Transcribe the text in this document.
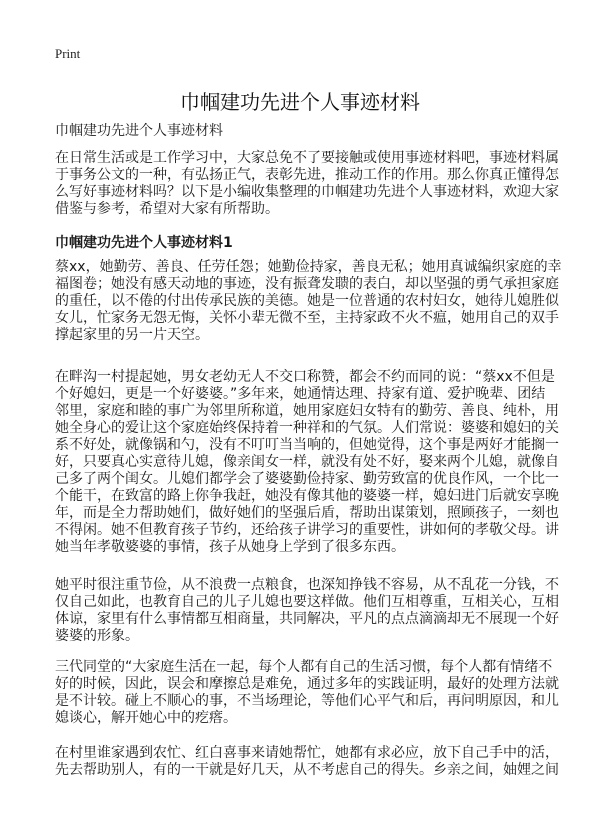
Print
巾帼建功先进个人事迹材料
巾帼建功先进个人事迹材料
在日常生活或是工作学习中，大家总免不了要接触或使用事迹材料吧，事迹材料属
于事务公文的一种，有弘扬正气，表彰先进，推动工作的作用。那么你真正懂得怎
么写好事迹材料吗？以下是小编收集整理的巾帼建功先进个人事迹材料，欢迎大家
借鉴与参考，希望对大家有所帮助。
巾帼建功先进个人事迹材料1
蔡xx，她勤劳、善良、任劳任怨；她勤俭持家，善良无私；她用真诚编织家庭的幸
福图卷；她没有感天动地的事迹，没有振聋发聩的表白，却以坚强的勇气承担家庭
的重任，以不倦的付出传承民族的美德。她是一位普通的农村妇女，她待儿媳胜似
女儿，忙家务无怨无悔，关怀小辈无微不至，主持家政不火不瘟，她用自己的双手
撑起家里的另一片天空。
在畔沟一村提起她，男女老幼无人不交口称赞，都会不约而同的说：“蔡xx不但是
个好媳妇，更是一个好婆婆。”多年来，她通情达理、持家有道、爱护晚辈、团结
邻里，家庭和睦的事广为邻里所称道，她用家庭妇女特有的勤劳、善良、纯朴，用
她全身心的爱让这个家庭始终保持着一种祥和的气氛。人们常说：婆婆和媳妇的关
系不好处，就像锅和勺，没有不叮叮当当响的，但她觉得，这个事是两好才能搁一
好，只要真心实意待儿媳，像亲闺女一样，就没有处不好，娶来两个儿媳，就像自
己多了两个闺女。儿媳们都学会了婆婆勤俭持家、勤劳致富的优良作风，一个比一
个能干，在致富的路上你争我赶，她没有像其他的婆婆一样，媳妇进门后就安享晚
年，而是全力帮助她们，做好她们的坚强后盾，帮助出谋策划，照顾孩子，一刻也
不得闲。她不但教育孩子节约，还给孩子讲学习的重要性，讲如何的孝敬父母。讲
她当年孝敬婆婆的事情，孩子从她身上学到了很多东西。
她平时很注重节俭，从不浪费一点粮食，也深知挣钱不容易，从不乱花一分钱，不
仅自己如此，也教育自己的儿子儿媳也要这样做。他们互相尊重，互相关心，互相
体谅，家里有什么事情都互相商量，共同解决，平凡的点点滴滴却无不展现一个好
婆婆的形象。
三代同堂的“大家庭生活在一起，每个人都有自己的生活习惯，每个人都有情绪不
好的时候，因此，误会和摩擦总是难免，通过多年的实践证明，最好的处理方法就
是不计较。碰上不顺心的事，不当场理论，等他们心平气和后，再问明原因，和儿
媳谈心，解开她心中的疙瘩。
在村里谁家遇到农忙、红白喜事来请她帮忙，她都有求必应，放下自己手中的活，
先去帮助别人，有的一干就是好几天，从不考虑自己的得失。乡亲之间，妯娌之间
